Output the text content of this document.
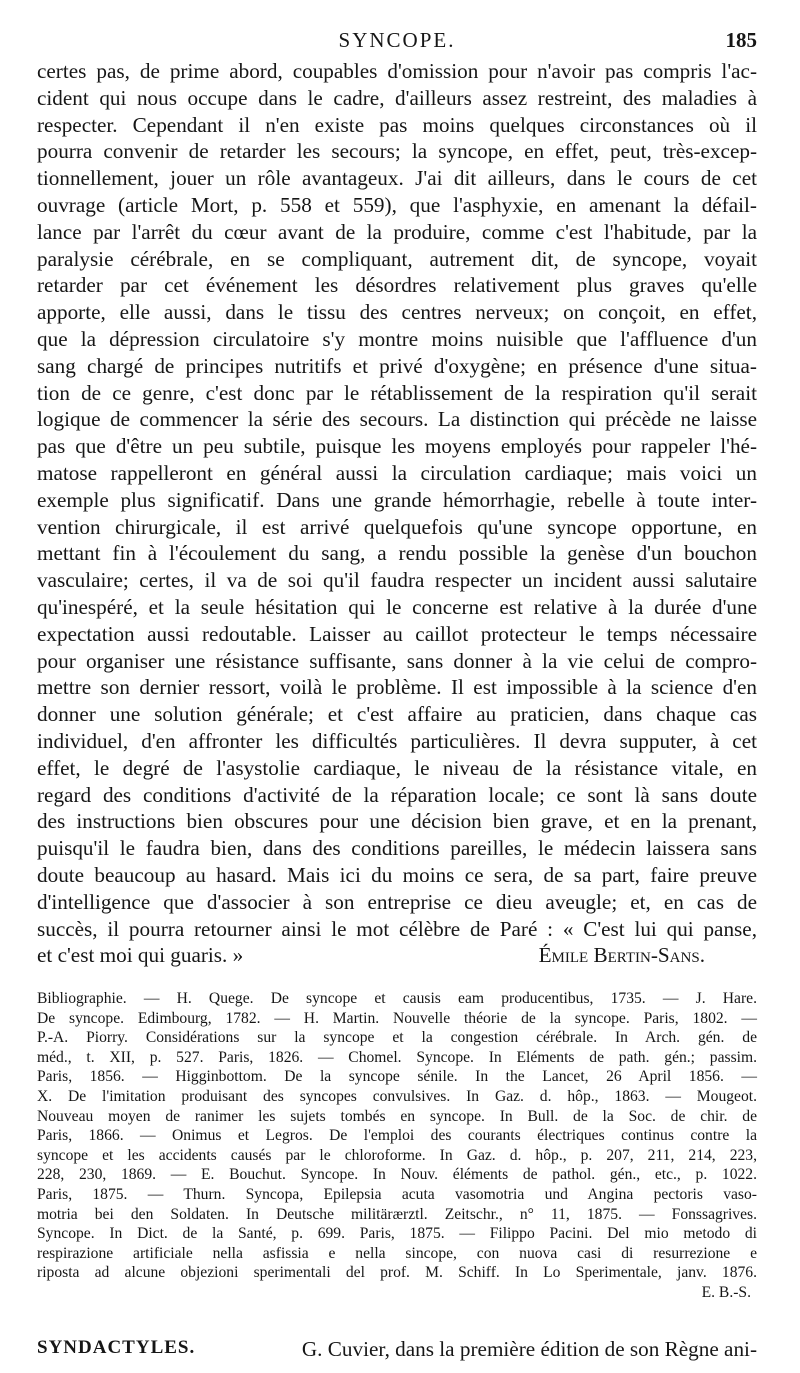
SYNCOPE.	185

certes pas, de prime abord, coupables d'omission pour n'avoir pas compris l'ac-
cident qui nous occupe dans le cadre, d'ailleurs assez restreint, des maladies à
respecter. Cependant il n'en existe pas moins quelques circonstances où il
pourra convenir de retarder les secours; la syncope, en effet, peut, très-excep-
tionnellement, jouer un rôle avantageux. J'ai dit ailleurs, dans le cours de cet
ouvrage (article Mort, p. 558 et 559), que l'asphyxie, en amenant la défail-
lance par l'arrêt du cœur avant de la produire, comme c'est l'habitude, par la
paralysie cérébrale, en se compliquant, autrement dit, de syncope, voyait
retarder par cet événement les désordres relativement plus graves qu'elle
apporte, elle aussi, dans le tissu des centres nerveux; on conçoit, en effet,
que la dépression circulatoire s'y montre moins nuisible que l'affluence d'un
sang chargé de principes nutritifs et privé d'oxygène; en présence d'une situa-
tion de ce genre, c'est donc par le rétablissement de la respiration qu'il serait
logique de commencer la série des secours. La distinction qui précède ne laisse
pas que d'être un peu subtile, puisque les moyens employés pour rappeler l'hé-
matose rappelleront en général aussi la circulation cardiaque; mais voici un
exemple plus significatif. Dans une grande hémorrhagie, rebelle à toute inter-
vention chirurgicale, il est arrivé quelquefois qu'une syncope opportune, en
mettant fin à l'écoulement du sang, a rendu possible la genèse d'un bouchon
vasculaire; certes, il va de soi qu'il faudra respecter un incident aussi salutaire
qu'inespéré, et la seule hésitation qui le concerne est relative à la durée d'une
expectation aussi redoutable. Laisser au caillot protecteur le temps nécessaire
pour organiser une résistance suffisante, sans donner à la vie celui de compro-
mettre son dernier ressort, voilà le problème. Il est impossible à la science d'en
donner une solution générale; et c'est affaire au praticien, dans chaque cas
individuel, d'en affronter les difficultés particulières. Il devra supputer, à cet
effet, le degré de l'asystolie cardiaque, le niveau de la résistance vitale, en
regard des conditions d'activité de la réparation locale; ce sont là sans doute
des instructions bien obscures pour une décision bien grave, et en la prenant,
puisqu'il le faudra bien, dans des conditions pareilles, le médecin laissera sans
doute beaucoup au hasard. Mais ici du moins ce sera, de sa part, faire preuve
d'intelligence que d'associer à son entreprise ce dieu aveugle; et, en cas de
succès, il pourra retourner ainsi le mot célèbre de Paré : « C'est lui qui panse,
et c'est moi qui guaris. »	Émile Bertin-Sans.

Bibliographie. — H. Quege. De syncope et causis eam producentibus, 1735. — J. Hare.
De syncope. Edimbourg, 1782. — H. Martin. Nouvelle théorie de la syncope. Paris, 1802. —
P.-A. Piorry. Considérations sur la syncope et la congestion cérébrale. In Arch. gén. de
méd., t. XII, p. 527. Paris, 1826. — Chomel. Syncope. In Eléments de path. gén.; passim.
Paris, 1856. — Higginbottom. De la syncope sénile. In the Lancet, 26 April 1856. —
X. De l'imitation produisant des syncopes convulsives. In Gaz. d. hôp., 1863. — Mougeot.
Nouveau moyen de ranimer les sujets tombés en syncope. In Bull. de la Soc. de chir. de
Paris, 1866. — Onimus et Legros. De l'emploi des courants électriques continus contre la
syncope et les accidents causés par le chloroforme. In Gaz. d. hôp., p. 207, 211, 214, 223,
228, 230, 1869. — E. Bouchut. Syncope. In Nouv. éléments de pathol. gén., etc., p. 1022.
Paris, 1875. — Thurn. Syncopa, Epilepsia acuta vasomotria und Angina pectoris vaso-
motria bei den Soldaten. In Deutsche militärærztl. Zeitschr., n° 11, 1875. — Fonssagrives.
Syncope. In Dict. de la Santé, p. 699. Paris, 1875. — Filippo Pacini. Del mio metodo di
respirazione artificiale nella asfissia e nella sincope, con nuova casi di resurrezione e
riposta ad alcune objezioni sperimentali del prof. M. Schiff. In Lo Sperimentale, janv. 1876.
E. B.-S.
SYNDACTYLES.	G. Cuvier, dans la première édition de son Règne ani-
